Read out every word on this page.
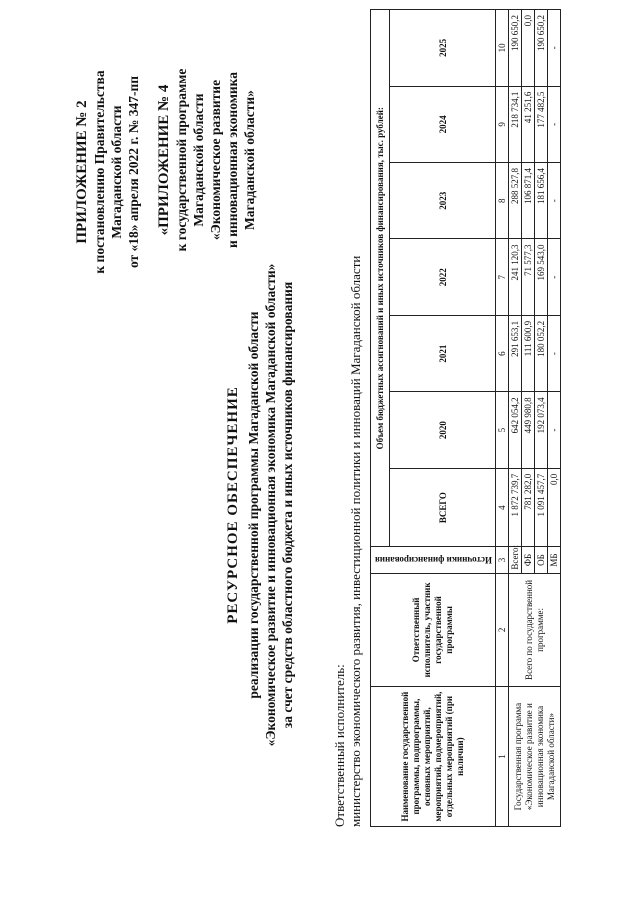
ПРИЛОЖЕНИЕ № 2 к постановлению Правительства Магаданской области от «18» апреля 2022 г. № 347-пп «ПРИЛОЖЕНИЕ № 4 к государственной программе Магаданской области «Экономическое развитие и инновационная экономика Магаданской области»
РЕСУРСНОЕ ОБЕСПЕЧЕНИЕ реализации государственной программы Магаданской области «Экономическое развитие и инновационная экономика Магаданской области» за счет средств областного бюджета и иных источников финансирования
Ответственный исполнитель: министерство экономического развития, инвестиционной политики и инноваций Магаданской области	Наименование государственной программы, подпрограммы, основных мероприятий, мероприятий, подмероприятий, отдельных мероприятий (при наличии)	Ответственный исполнитель, участник государственной программы	Источники финансирования	Объем бюджетных ассигнований и иных источников финансирования, тыс. рублей:						
			ВСЕГО	2020	2021	2022	2023	2024	2025
1	2	3	4	5	6	7	8	9	10
Государственная программа «Экономическое развитие и инновационная экономика Магаданской области»	Всего по государственной программе:	Всего:	1 872 739,7	642 054,2	291 653,1	241 120,3	288 527,8	218 734,1	190 650,2
		ФБ	781 282,0	449 980,8	111 600,9	71 577,3	106 871,4	41 251,6	0,0
		ОБ	1 091 457,7	192 073,4	180 052,2	169 543,0	181 656,4	177 482,5	190 650,2
		МБ	0,0	-	-	-	-	-	-
